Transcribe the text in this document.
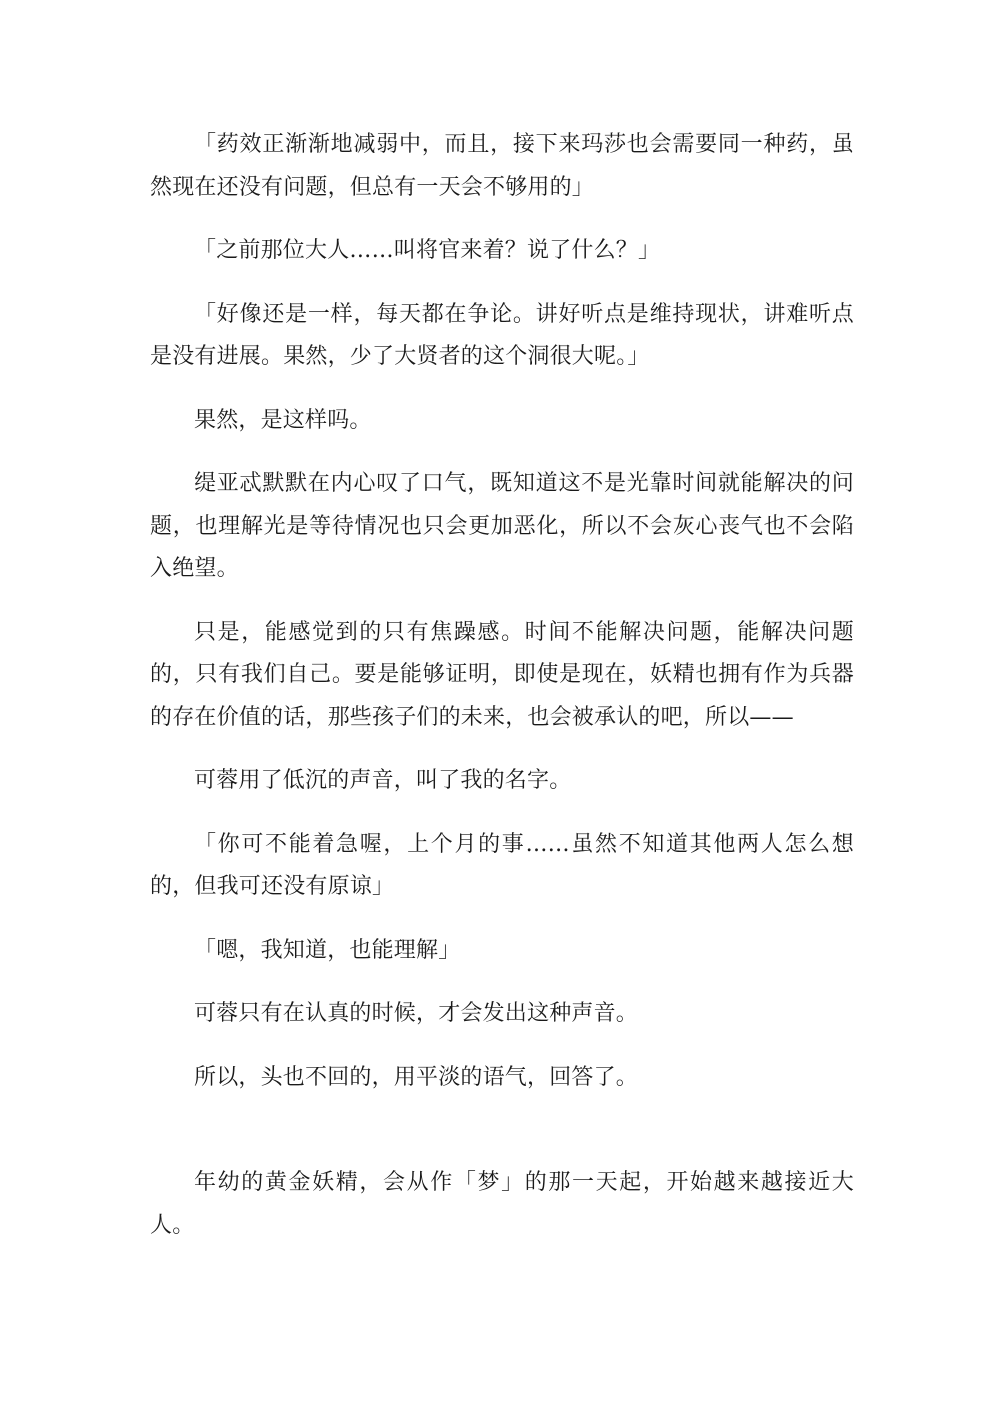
「药效正渐渐地减弱中，而且，接下来玛莎也会需要同一种药，虽然现在还没有问题，但总有一天会不够用的」

「之前那位大人……叫将官来着？说了什么？」

「好像还是一样，每天都在争论。讲好听点是维持现状，讲难听点是没有进展。果然，少了大贤者的这个洞很大呢。」

果然，是这样吗。

缇亚忒默默在内心叹了口气，既知道这不是光靠时间就能解决的问题，也理解光是等待情况也只会更加恶化，所以不会灰心丧气也不会陷入绝望。

只是，能感觉到的只有焦躁感。时间不能解决问题，能解决问题的，只有我们自己。要是能够证明，即使是现在，妖精也拥有作为兵器的存在价值的话，那些孩子们的未来，也会被承认的吧，所以——

可蓉用了低沉的声音，叫了我的名字。

「你可不能着急喔，上个月的事……虽然不知道其他两人怎么想的，但我可还没有原谅」

「嗯，我知道，也能理解」

可蓉只有在认真的时候，才会发出这种声音。

所以，头也不回的，用平淡的语气，回答了。

年幼的黄金妖精，会从作「梦」的那一天起，开始越来越接近大人。
